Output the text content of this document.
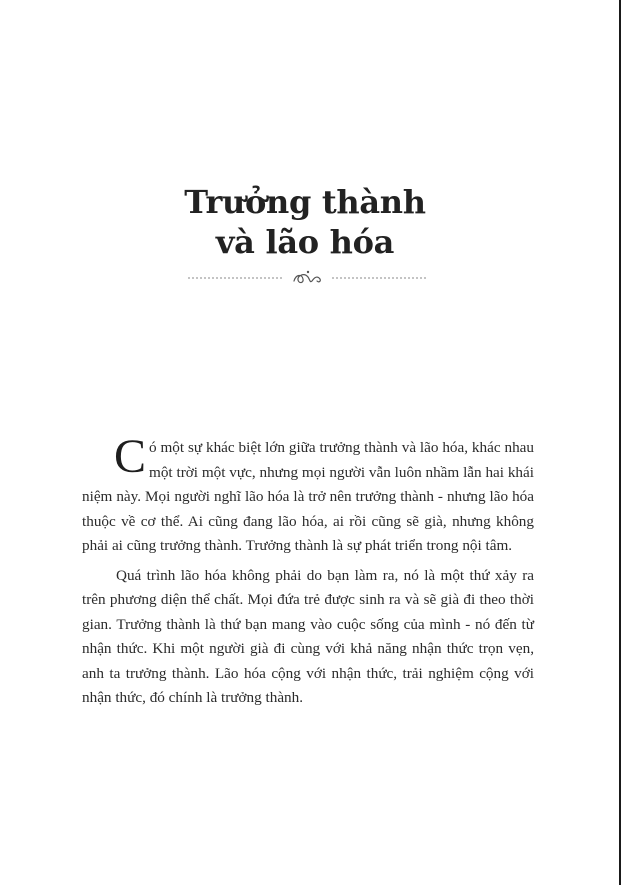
Trưởng thành
và lão hóa

Có một sự khác biệt lớn giữa trưởng thành và lão hóa, khác nhau một trời một vực, nhưng mọi người vẫn luôn nhầm lẫn hai khái niệm này. Mọi người nghĩ lão hóa là trở nên trưởng thành - nhưng lão hóa thuộc về cơ thể. Ai cũng đang lão hóa, ai rồi cũng sẽ già, nhưng không phải ai cũng trưởng thành. Trưởng thành là sự phát triển trong nội tâm.

Quá trình lão hóa không phải do bạn làm ra, nó là một thứ xảy ra trên phương diện thể chất. Mọi đứa trẻ được sinh ra và sẽ già đi theo thời gian. Trưởng thành là thứ bạn mang vào cuộc sống của mình - nó đến từ nhận thức. Khi một người già đi cùng với khả năng nhận thức trọn vẹn, anh ta trưởng thành. Lão hóa cộng với nhận thức, trải nghiệm cộng với nhận thức, đó chính là trưởng thành.
